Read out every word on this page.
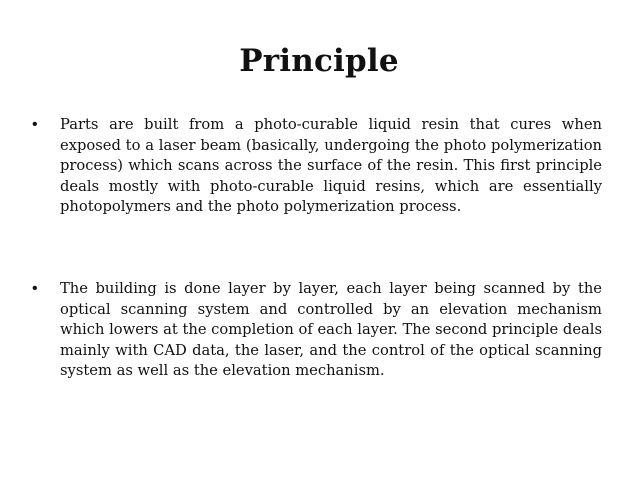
Principle
•	Parts are built from a photo-curable liquid resin that cures when exposed to a laser beam (basically, undergoing the photo polymerization process) which scans across the surface of the resin. This first principle deals mostly with photo-curable liquid resins, which are essentially photopolymers and the photo polymerization process.
•	The building is done layer by layer, each layer being scanned by the optical scanning system and controlled by an elevation mechanism which lowers at the completion of each layer. The second principle deals mainly with CAD data, the laser, and the control of the optical scanning system as well as the elevation mechanism.
